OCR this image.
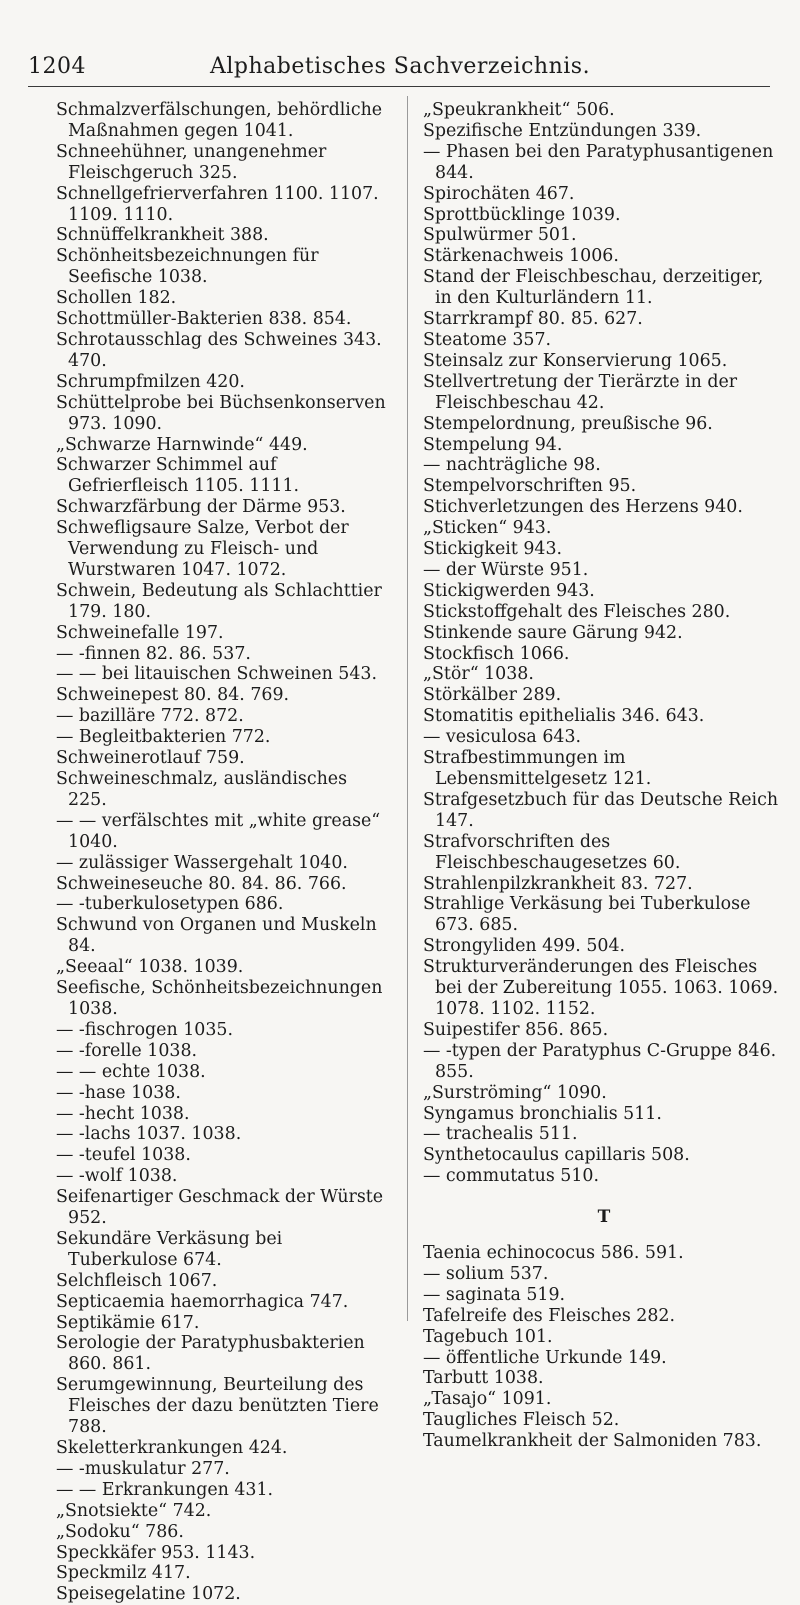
1204	Alphabetisches Sachverzeichnis.
Schmalzverfälschungen, behördliche Maßnahmen gegen 1041.
Schneehühner, unangenehmer Fleischgeruch 325.
Schnellgefrierverfahren 1100. 1107. 1109. 1110.
Schnüffelkrankheit 388.
Schönheitsbezeichnungen für Seefische 1038.
Schollen 182.
Schottmüller-Bakterien 838. 854.
Schrotausschlag des Schweines 343. 470.
Schrumpfmilzen 420.
Schüttelprobe bei Büchsenkonserven 973. 1090.
„Schwarze Harnwinde“ 449.
Schwarzer Schimmel auf Gefrierfleisch 1105. 1111.
Schwarzfärbung der Därme 953.
Schwefligsaure Salze, Verbot der Verwendung zu Fleisch- und Wurstwaren 1047. 1072.
Schwein, Bedeutung als Schlachttier 179. 180.
Schweinefalle 197.
— -finnen 82. 86. 537.
— — bei litauischen Schweinen 543.
Schweinepest 80. 84. 769.
— bazilläre 772. 872.
— Begleitbakterien 772.
Schweinerotlauf 759.
Schweineschmalz, ausländisches 225.
— — verfälschtes mit „white grease“ 1040.
— zulässiger Wassergehalt 1040.
Schweineseuche 80. 84. 86. 766.
— -tuberkulosetypen 686.
Schwund von Organen und Muskeln 84.
„Seeaal“ 1038. 1039.
Seefische, Schönheitsbezeichnungen 1038.
— -fischrogen 1035.
— -forelle 1038.
— — echte 1038.
— -hase 1038.
— -hecht 1038.
— -lachs 1037. 1038.
— -teufel 1038.
— -wolf 1038.
Seifenartiger Geschmack der Würste 952.
Sekundäre Verkäsung bei Tuberkulose 674.
Selchfleisch 1067.
Septicaemia haemorrhagica 747.
Septikämie 617.
Serologie der Paratyphusbakterien 860. 861.
Serumgewinnung, Beurteilung des Fleisches der dazu benützten Tiere 788.
Skeletterkrankungen 424.
— -muskulatur 277.
— — Erkrankungen 431.
„Snotsiekte“ 742.
„Sodoku“ 786.
Speckkäfer 953. 1143.
Speckmilz 417.
Speisegelatine 1072.
„Speukrankheit“ 506.
Spezifische Entzündungen 339.
— Phasen bei den Paratyphusantigenen 844.
Spirochäten 467.
Sprottbücklinge 1039.
Spulwürmer 501.
Stärkenachweis 1006.
Stand der Fleischbeschau, derzeitiger, in den Kulturländern 11.
Starrkrampf 80. 85. 627.
Steatome 357.
Steinsalz zur Konservierung 1065.
Stellvertretung der Tierärzte in der Fleischbeschau 42.
Stempelordnung, preußische 96.
Stempelung 94.
— nachträgliche 98.
Stempelvorschriften 95.
Stichverletzungen des Herzens 940.
„Sticken“ 943.
Stickigkeit 943.
— der Würste 951.
Stickigwerden 943.
Stickstoffgehalt des Fleisches 280.
Stinkende saure Gärung 942.
Stockfisch 1066.
„Stör“ 1038.
Störkälber 289.
Stomatitis epithelialis 346. 643.
— vesiculosa 643.
Strafbestimmungen im Lebensmittelgesetz 121.
Strafgesetzbuch für das Deutsche Reich 147.
Strafvorschriften des Fleischbeschaugesetzes 60.
Strahlenpilzkrankheit 83. 727.
Strahlige Verkäsung bei Tuberkulose 673. 685.
Strongyliden 499. 504.
Strukturveränderungen des Fleisches bei der Zubereitung 1055. 1063. 1069. 1078. 1102. 1152.
Suipestifer 856. 865.
— -typen der Paratyphus C-Gruppe 846. 855.
„Surströming“ 1090.
Syngamus bronchialis 511.
— trachealis 511.
Synthetocaulus capillaris 508.
— commutatus 510.
T
Taenia echinococus 586. 591.
— solium 537.
— saginata 519.
Tafelreife des Fleisches 282.
Tagebuch 101.
— öffentliche Urkunde 149.
Tarbutt 1038.
„Tasajo“ 1091.
Taugliches Fleisch 52.
Taumelkrankheit der Salmoniden 783.
